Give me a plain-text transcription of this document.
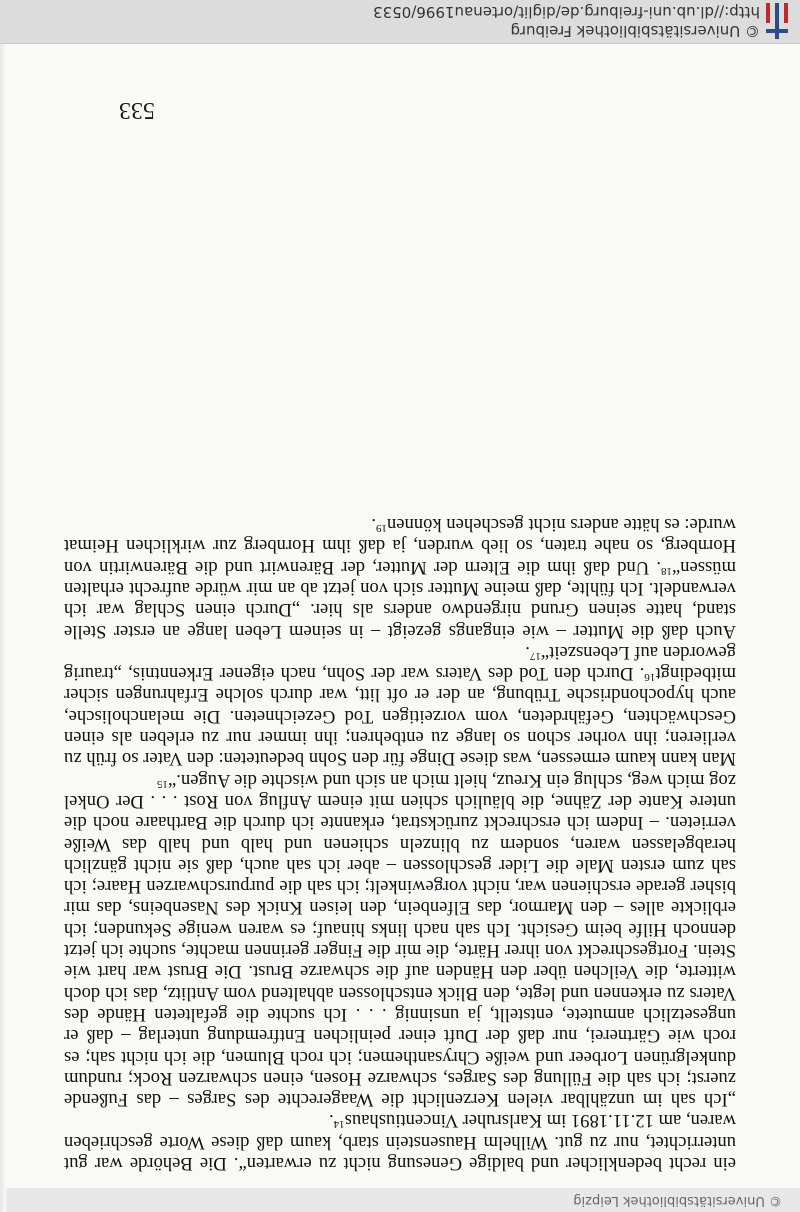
© Universitätsbibliothek Leipzig

ein recht bedenklicher und baldige Genesung nicht zu erwarten“. Die Behörde war gut unterrichtet, nur zu gut. Wilhelm Hausenstein starb, kaum daß diese Worte geschrieben waren, am 12.11.1891 im Karlsruher Vincentiushaus$^{14}$.

„Ich sah im unzählbar vielen Kerzenlicht die Waagerechte des Sarges – das Fußende zuerst; ich sah die Füllung des Sarges, schwarze Hosen, einen schwarzen Rock; rundum dunkelgrünen Lorbeer und weiße Chrysanthemen; ich roch Blumen, die ich nicht sah; es roch wie Gärtnerei, nur daß der Duft einer peinlichen Entfremdung unterlag – daß er ungesetzlich anmutete, entstellt, ja unsinnig . . . Ich suchte die gefalteten Hände des Vaters zu erkennen und legte, den Blick entschlossen abhaltend vom Antlitz, das ich doch witterte, die Veilchen über den Händen auf die schwarze Brust. Die Brust war hart wie Stein. Fortgeschreckt von ihrer Härte, die mir die Finger gerinnen machte, suchte ich jetzt dennoch Hilfe beim Gesicht. Ich sah nach links hinauf; es waren wenige Sekunden; ich erblickte alles – den Marmor, das Elfenbein, den leisen Knick des Nasenbeins, das mir bisher gerade erschienen war, nicht vorgewinkelt; ich sah die purpurschwarzen Haare; ich sah zum ersten Male die Lider geschlossen – aber ich sah auch, daß sie nicht gänzlich herabgelassen waren, sondern zu blinzeln schienen und halb und halb das Weiße verrieten. – Indem ich erschreckt zurückstrat, erkannte ich durch die Barthaare noch die untere Kante der Zähne, die bläulich schien mit einem Anflug von Rost . . . Der Onkel zog mich weg, schlug ein Kreuz, hielt mich an sich und wischte die Augen.“$^{15}$

Man kann kaum ermessen, was diese Dinge für den Sohn bedeuteten: den Vater so früh zu verlieren; ihn vorher schon so lange zu entbehren; ihn immer nur zu erleben als einen Geschwächten, Gefährdeten, vom vorzeitigen Tod Gezeichneten. Die melancholische, auch hypochondrische Trübung, an der er oft litt, war durch solche Erfahrungen sicher mitbedingt$^{16}$. Durch den Tod des Vaters war der Sohn, nach eigener Erkenntnis, „traurig geworden auf Lebenszeit“$^{17}$.

Auch daß die Mutter – wie eingangs gezeigt – in seinem Leben lange an erster Stelle stand, hatte seinen Grund nirgendwo anders als hier. „Durch einen Schlag war ich verwandelt. Ich fühlte, daß meine Mutter sich von jetzt ab an mir würde aufrecht erhalten müssen“$^{18}$. Und daß ihm die Eltern der Mutter, der Bärenwirt und die Bärenwirtin von Hornberg, so nahe traten, so lieb wurden, ja daß ihm Hornberg zur wirklichen Heimat wurde: es hätte anders nicht geschehen können$^{19}$.

533
© Universitätsbibliothek Freiburg
http://dl.ub.uni-freiburg.de/diglit/ortenau1996/0533
